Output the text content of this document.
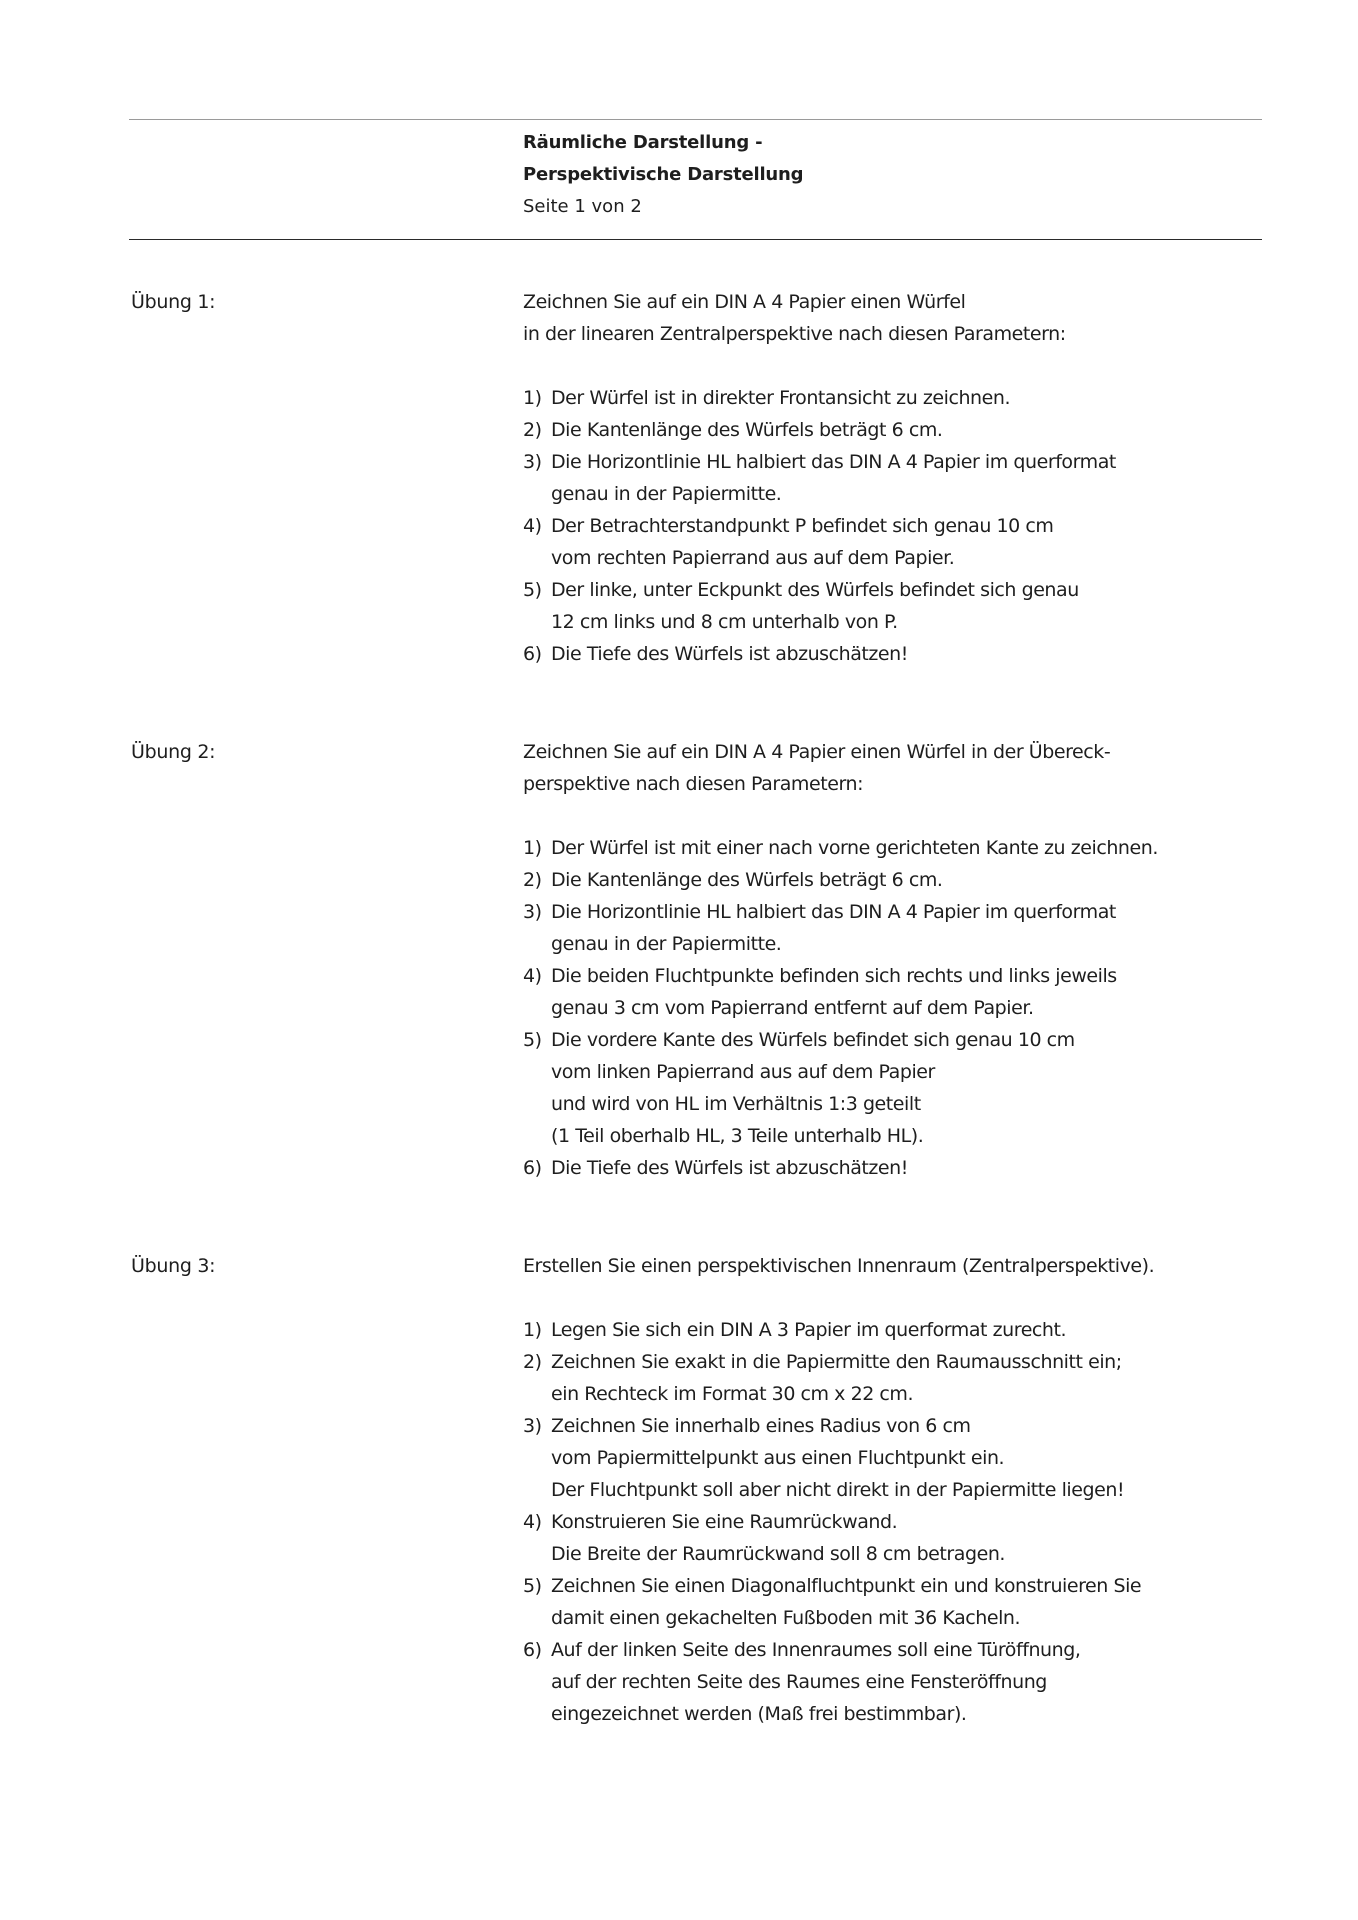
Räumliche Darstellung -
Perspektivische Darstellung
Seite 1 von 2
Übung 1:	Zeichnen Sie auf ein DIN A 4 Papier einen Würfel
in der linearen Zentralperspektive nach diesen Parametern:
1) Der Würfel ist in direkter Frontansicht zu zeichnen.
2) Die Kantenlänge des Würfels beträgt 6 cm.
3) Die Horizontlinie HL halbiert das DIN A 4 Papier im querformat
genau in der Papiermitte.
4) Der Betrachterstandpunkt P befindet sich genau 10 cm
vom rechten Papierrand aus auf dem Papier.
5) Der linke, unter Eckpunkt des Würfels befindet sich genau
12 cm links und 8 cm unterhalb von P.
6) Die Tiefe des Würfels ist abzuschätzen!
Übung 2:	Zeichnen Sie auf ein DIN A 4 Papier einen Würfel in der Übereck-
perspektive nach diesen Parametern:
1) Der Würfel ist mit einer nach vorne gerichteten Kante zu zeichnen.
2) Die Kantenlänge des Würfels beträgt 6 cm.
3) Die Horizontlinie HL halbiert das DIN A 4 Papier im querformat
genau in der Papiermitte.
4) Die beiden Fluchtpunkte befinden sich rechts und links jeweils
genau 3 cm vom Papierrand entfernt auf dem Papier.
5) Die vordere Kante des Würfels befindet sich genau 10 cm
vom linken Papierrand aus auf dem Papier
und wird von HL im Verhältnis 1:3 geteilt
(1 Teil oberhalb HL, 3 Teile unterhalb HL).
6) Die Tiefe des Würfels ist abzuschätzen!
Übung 3:	Erstellen Sie einen perspektivischen Innenraum (Zentralperspektive).
1) Legen Sie sich ein DIN A 3 Papier im querformat zurecht.
2) Zeichnen Sie exakt in die Papiermitte den Raumausschnitt ein;
ein Rechteck im Format 30 cm x 22 cm.
3) Zeichnen Sie innerhalb eines Radius von 6 cm
vom Papiermittelpunkt aus einen Fluchtpunkt ein.
Der Fluchtpunkt soll aber nicht direkt in der Papiermitte liegen!
4) Konstruieren Sie eine Raumrückwand.
Die Breite der Raumrückwand soll 8 cm betragen.
5) Zeichnen Sie einen Diagonalfluchtpunkt ein und konstruieren Sie
damit einen gekachelten Fußboden mit 36 Kacheln.
6) Auf der linken Seite des Innenraumes soll eine Türöffnung,
auf der rechten Seite des Raumes eine Fensteröffnung
eingezeichnet werden (Maß frei bestimmbar).
